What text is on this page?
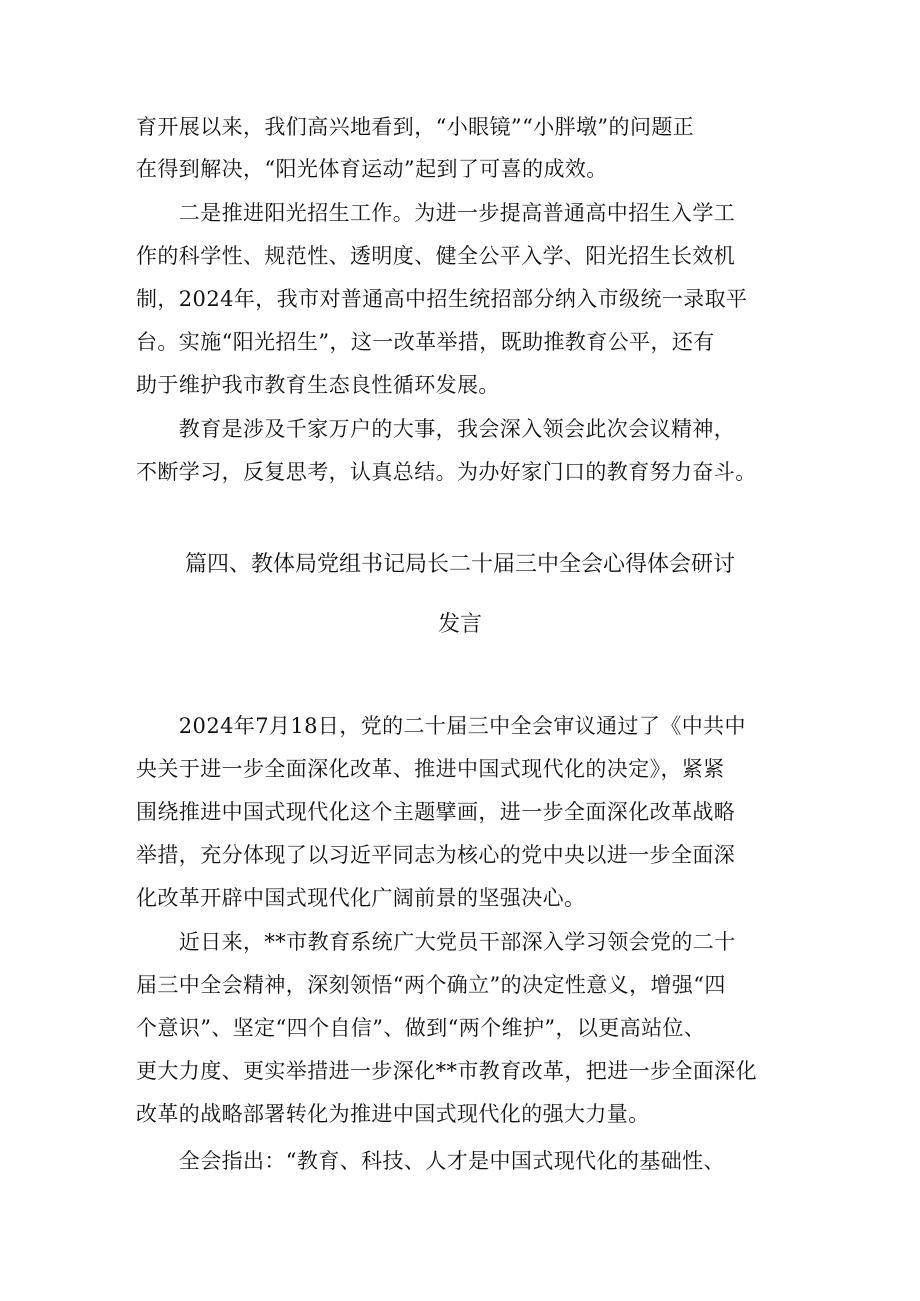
育开展以来，我们高兴地看到，“小眼镜”“小胖墩”的问题正
在得到解决，“阳光体育运动”起到了可喜的成效。
　　二是推进阳光招生工作。为进一步提高普通高中招生入学工
作的科学性、规范性、透明度、健全公平入学、阳光招生长效机
制，2024年，我市对普通高中招生统招部分纳入市级统一录取平
台。实施“阳光招生”，这一改革举措，既助推教育公平，还有
助于维护我市教育生态良性循环发展。
　　教育是涉及千家万户的大事，我会深入领会此次会议精神，
不断学习，反复思考，认真总结。为办好家门口的教育努力奋斗。
篇四、教体局党组书记局长二十届三中全会心得体会研讨
发言
　　2024年7月18日，党的二十届三中全会审议通过了《中共中
央关于进一步全面深化改革、推进中国式现代化的决定》，紧紧
围绕推进中国式现代化这个主题擘画，进一步全面深化改革战略
举措，充分体现了以习近平同志为核心的党中央以进一步全面深
化改革开辟中国式现代化广阔前景的坚强决心。
　　近日来，**市教育系统广大党员干部深入学习领会党的二十
届三中全会精神，深刻领悟“两个确立”的决定性意义，增强“四
个意识”、坚定“四个自信”、做到“两个维护”，以更高站位、
更大力度、更实举措进一步深化**市教育改革，把进一步全面深化
改革的战略部署转化为推进中国式现代化的强大力量。
　　全会指出：“教育、科技、人才是中国式现代化的基础性、
